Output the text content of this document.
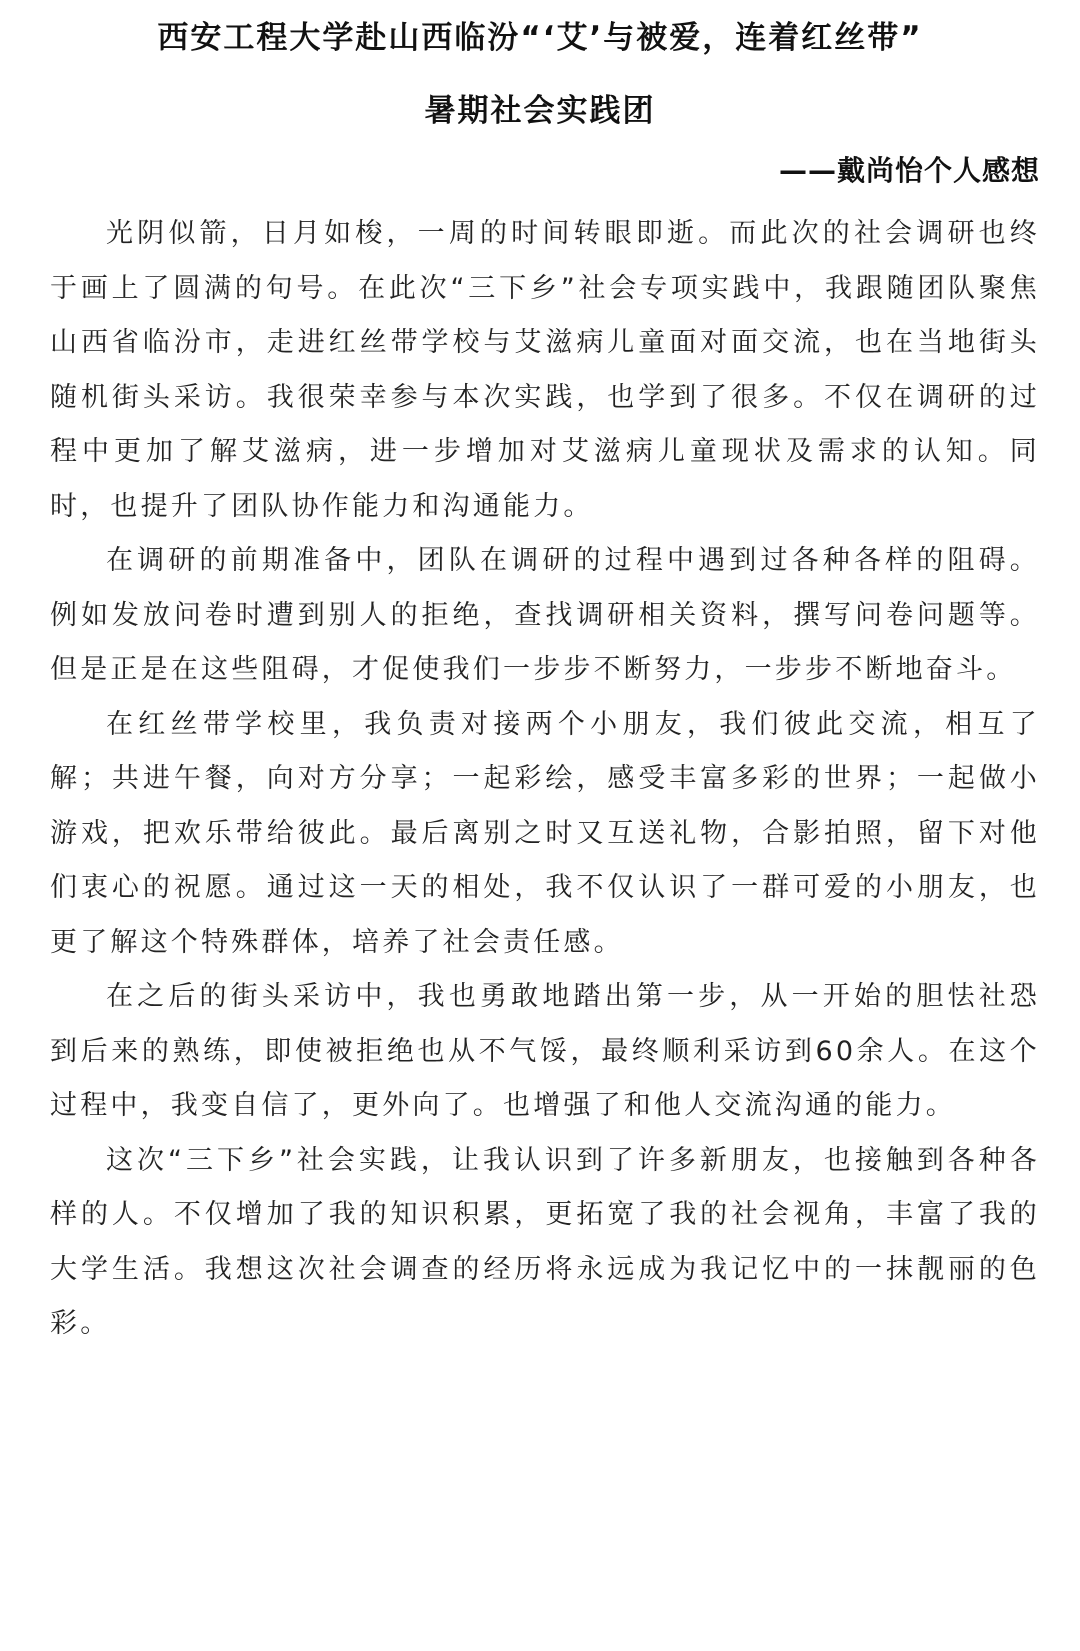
西安工程大学赴山西临汾“‘艾’与被爱，连着红丝带”
暑期社会实践团
——戴尚怡个人感想

光阴似箭，日月如梭，一周的时间转眼即逝。而此次的社会调研也终于画上了圆满的句号。在此次“三下乡”社会专项实践中，我跟随团队聚焦山西省临汾市，走进红丝带学校与艾滋病儿童面对面交流，也在当地街头随机街头采访。我很荣幸参与本次实践，也学到了很多。不仅在调研的过程中更加了解艾滋病，进一步增加对艾滋病儿童现状及需求的认知。同时，也提升了团队协作能力和沟通能力。

在调研的前期准备中，团队在调研的过程中遇到过各种各样的阻碍。例如发放问卷时遭到别人的拒绝，查找调研相关资料，撰写问卷问题等。但是正是在这些阻碍，才促使我们一步步不断努力，一步步不断地奋斗。

在红丝带学校里，我负责对接两个小朋友，我们彼此交流，相互了解；共进午餐，向对方分享；一起彩绘，感受丰富多彩的世界；一起做小游戏，把欢乐带给彼此。最后离别之时又互送礼物，合影拍照，留下对他们衷心的祝愿。通过这一天的相处，我不仅认识了一群可爱的小朋友，也更了解这个特殊群体，培养了社会责任感。

在之后的街头采访中，我也勇敢地踏出第一步，从一开始的胆怯社恐到后来的熟练，即使被拒绝也从不气馁，最终顺利采访到60余人。在这个过程中，我变自信了，更外向了。也增强了和他人交流沟通的能力。

这次“三下乡”社会实践，让我认识到了许多新朋友，也接触到各种各样的人。不仅增加了我的知识积累，更拓宽了我的社会视角，丰富了我的大学生活。我想这次社会调查的经历将永远成为我记忆中的一抹靓丽的色彩。
